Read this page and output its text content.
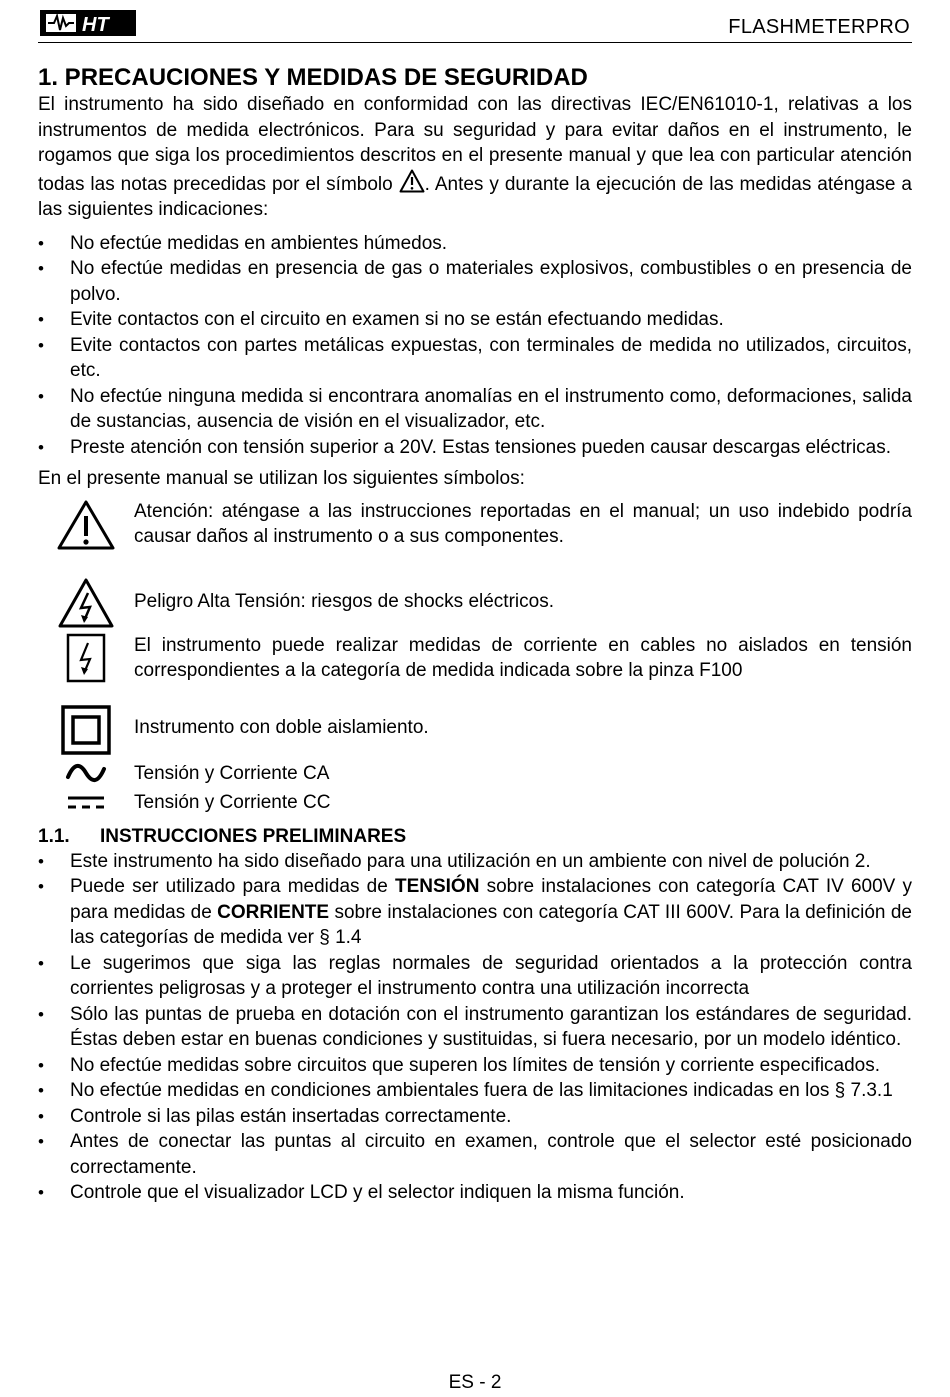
HT	FLASHMETERPRO
1. PRECAUCIONES Y MEDIDAS DE SEGURIDAD

El instrumento ha sido diseñado en conformidad con las directivas IEC/EN61010-1, relativas a los instrumentos de medida electrónicos. Para su seguridad y para evitar daños en el instrumento, le rogamos que siga los procedimientos descritos en el presente manual y que lea con particular atención todas las notas precedidas por el símbolo . Antes y durante la ejecución de las medidas aténgase a las siguientes indicaciones:

• No efectúe medidas en ambientes húmedos.
• No efectúe medidas en presencia de gas o materiales explosivos, combustibles o en presencia de polvo.
• Evite contactos con el circuito en examen si no se están efectuando medidas.
• Evite contactos con partes metálicas expuestas, con terminales de medida no utilizados, circuitos, etc.
• No efectúe ninguna medida si encontrara anomalías en el instrumento como, deformaciones, salida de sustancias, ausencia de visión en el visualizador, etc.
• Preste atención con tensión superior a 20V. Estas tensiones pueden causar descargas eléctricas.

En el presente manual se utilizan los siguientes símbolos:

Atención: aténgase a las instrucciones reportadas en el manual; un uso indebido podría causar daños al instrumento o a sus componentes.
Peligro Alta Tensión: riesgos de shocks eléctricos.
El instrumento puede realizar medidas de corriente en cables no aislados en tensión correspondientes a la categoría de medida indicada sobre la pinza F100
Instrumento con doble aislamiento.
Tensión y Corriente CA
Tensión y Corriente CC
1.1. INSTRUCCIONES PRELIMINARES
• Este instrumento ha sido diseñado para una utilización en un ambiente con nivel de polución 2.
• Puede ser utilizado para medidas de TENSIÓN sobre instalaciones con categoría CAT IV 600V y para medidas de CORRIENTE sobre instalaciones con categoría CAT III 600V. Para la definición de las categorías de medida ver § 1.4
• Le sugerimos que siga las reglas normales de seguridad orientados a la protección contra corrientes peligrosas y a proteger el instrumento contra una utilización incorrecta
• Sólo las puntas de prueba en dotación con el instrumento garantizan los estándares de seguridad. Éstas deben estar en buenas condiciones y sustituidas, si fuera necesario, por un modelo idéntico.
• No efectúe medidas sobre circuitos que superen los límites de tensión y corriente especificados.
• No efectúe medidas en condiciones ambientales fuera de las limitaciones indicadas en los § 7.3.1
• Controle si las pilas están insertadas correctamente.
• Antes de conectar las puntas al circuito en examen, controle que el selector esté posicionado correctamente.
• Controle que el visualizador LCD y el selector indiquen la misma función.
ES - 2
